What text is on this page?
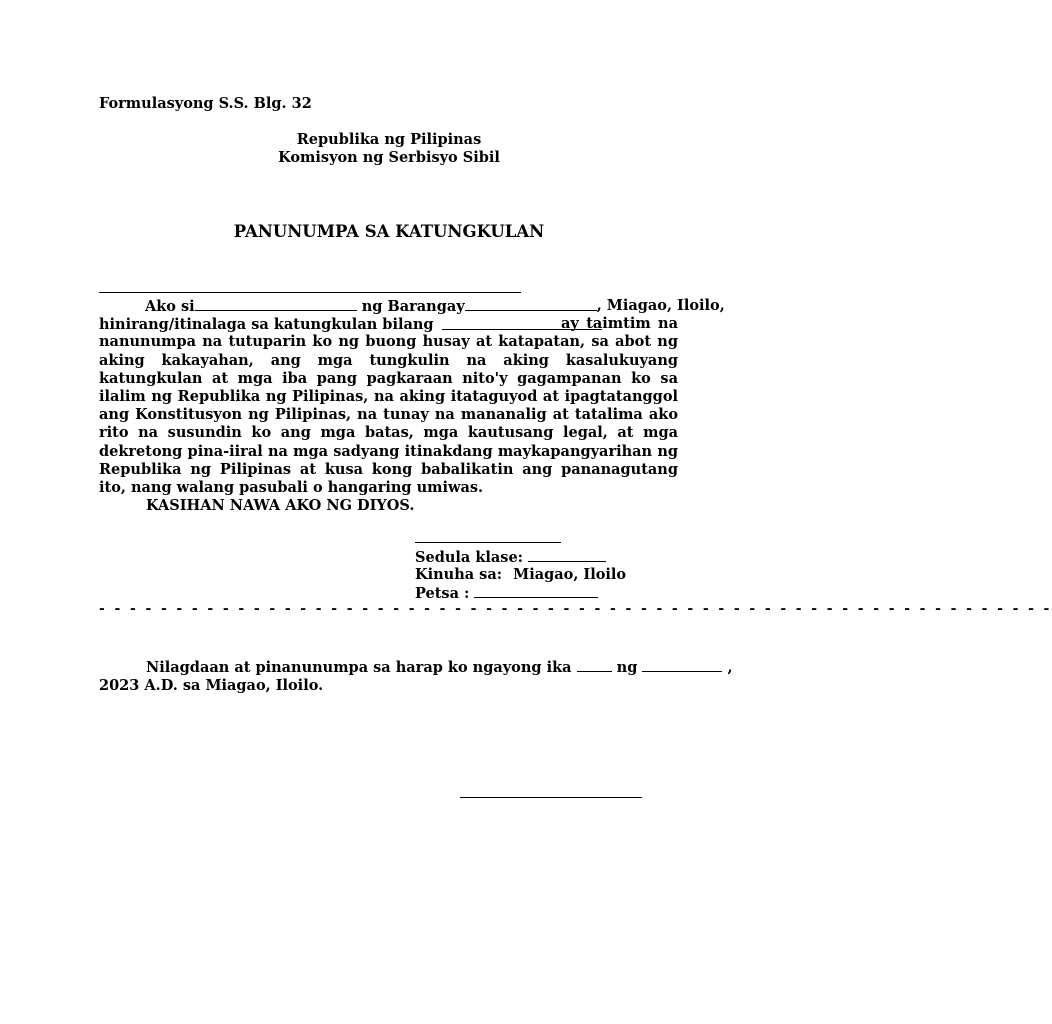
Formulasyong S.S. Blg. 32
Republika ng Pilipinas
Komisyon ng Serbisyo Sibil
PANUNUMPA SA KATUNGKULAN
Ako si	ng Barangay	, Miagao, Iloilo,
hinirang/itinalaga sa katungkulan bilang	ay taimtim na nanunumpa na tutuparin ko ng buong husay at katapatan, sa abot ng aking kakayahan, ang mga tungkulin na aking kasalukuyang katungkulan at mga iba pang pagkaraan nito'y gagampanan ko sa ilalim ng Republika ng Pilipinas, na aking itataguyod at ipagtatanggol ang Konstitusyon ng Pilipinas, na tunay na mananalig at tatalima ako rito na susundin ko ang mga batas, mga kautusang legal, at mga dekretong pina-iiral na mga sadyang itinakdang maykapangyarihan ng Republika ng Pilipinas at kusa kong babalikatin ang pananagutang ito, nang walang pasubali o hangaring umiwas.
KASIHAN NAWA AKO NG DIYOS.
Sedula klase:
Kinuha sa: Miagao, Iloilo
Petsa :
- - - - - - - - - - - - - - - - - - - - - - - - - - - - - - - - - - - - - - - - - - - - - - - - - - - - - - - - - - - - - -
Nilagdaan at pinanunumpa sa harap ko ngayong ika	ng	,
2023 A.D. sa Miagao, Iloilo.
